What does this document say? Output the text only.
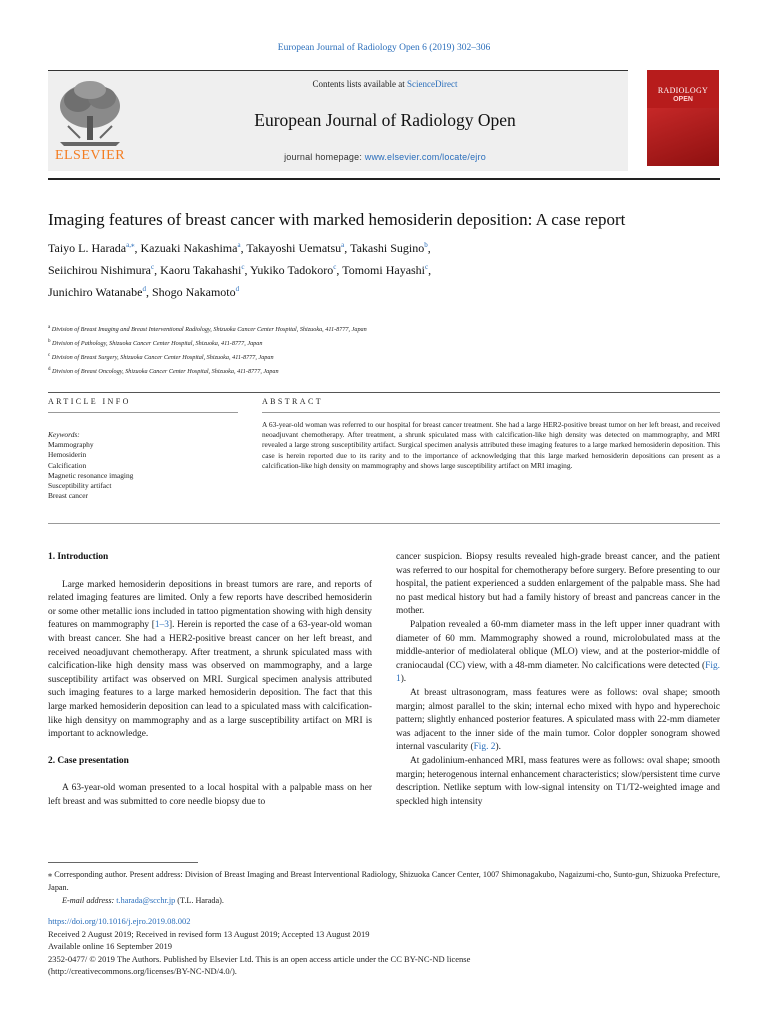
European Journal of Radiology Open 6 (2019) 302–306
ELSEVIER
Contents lists available at ScienceDirect
European Journal of Radiology Open
journal homepage: www.elsevier.com/locate/ejro
RADIOLOGY
OPEN
Imaging features of breast cancer with marked hemosiderin deposition: A case report
Taiyo L. Harada$^{a,⁎}$, Kazuaki Nakashima$^a$, Takayoshi Uematsu$^a$, Takashi Sugino$^b$,
Seiichirou Nishimura$^c$, Kaoru Takahashi$^c$, Yukiko Tadokoro$^c$, Tomomi Hayashi$^c$,
Junichiro Watanabe$^d$, Shogo Nakamoto$^d$
$^a$ Division of Breast Imaging and Breast Interventional Radiology, Shizuoka Cancer Center Hospital, Shizuoka, 411-8777, Japan
$^b$ Division of Pathology, Shizuoka Cancer Center Hospital, Shizuoka, 411-8777, Japan
$^c$ Division of Breast Surgery, Shizuoka Cancer Center Hospital, Shizuoka, 411-8777, Japan
$^d$ Division of Breast Oncology, Shizuoka Cancer Center Hospital, Shizuoka, 411-8777, Japan
ARTICLE INFO	ABSTRACT
Keywords:
Mammography
Hemosiderin
Calcification
Magnetic resonance imaging
Susceptibility artifact
Breast cancer
A 63-year-old woman was referred to our hospital for breast cancer treatment. She had a large HER2-positive breast tumor on her left breast, and received neoadjuvant chemotherapy. After treatment, a shrunk spiculated mass with calcification-like high density was detected on mammography, and MRI revealed a large strong susceptibility artifact. Surgical specimen analysis attributed these imaging features to a large marked hemosiderin deposition. This case is herein reported due to its rarity and to the importance of acknowledging that this large marked hemosiderin depositions can present as a calcification-like high density on mammography and shows large susceptibility artifact on MRI imaging.
1. Introduction

Large marked hemosiderin depositions in breast tumors are rare, and reports of related imaging features are limited. Only a few reports have described hemosiderin or some other metallic ions included in tattoo pigmentation showing with high density features on mammography [1–3]. Herein is reported the case of a 63-year-old woman with breast cancer. She had a HER2-positive breast cancer on her left breast, and received neoadjuvant chemotherapy. After treatment, a shrunk spiculated mass with calcification-like high density mass was observed on mammography, and a large susceptibility artifact was observed on MRI. Surgical specimen analysis attributed such imaging features to a large marked hemosiderin deposition. The fact that this large marked hemosiderin deposition can lead to a spiculated mass with calcification-like high densityy on mammography and as a large susceptibility artifact on MRI is important to acknowledge.

2. Case presentation

A 63-year-old woman presented to a local hospital with a palpable mass on her left breast and was submitted to core needle biopsy due to

cancer suspicion. Biopsy results revealed high-grade breast cancer, and the patient was referred to our hospital for chemotherapy before surgery. Before presenting to our hospital, the patient experienced a sudden enlargement of the palpable mass. She had no past medical history but had a family history of breast and pancreas cancer in the mother.

Palpation revealed a 60-mm diameter mass in the left upper inner quadrant with diameter of 60 mm. Mammography showed a round, microlobulated mass at the middle-anterior of mediolateral oblique (MLO) view, and at the posterior-middle of craniocaudal (CC) view, with a 48-mm diameter. No calcifications were detected (Fig. 1).

At breast ultrasonogram, mass features were as follows: oval shape; smooth margin; almost parallel to the skin; internal echo mixed with hypo and hyperechoic pattern; slightly enhanced posterior features. A spiculated mass with 22-mm diameter was adjacent to the inner side of the main tumor. Color doppler sonogram showed internal vascularity (Fig. 2).

At gadolinium-enhanced MRI, mass features were as follows: oval shape; smooth margin; heterogenous internal enhancement characteristics; slow/persistent time curve description. Netlike septum with low-signal intensity on T1/T2-weighted image and speckled high intensity

⁎ Corresponding author. Present address: Division of Breast Imaging and Breast Interventional Radiology, Shizuoka Cancer Center, 1007 Shimonagakubo, Nagaizumi-cho, Sunto-gun, Shizuoka Prefecture, Japan.
E-mail address: t.harada@scchr.jp (T.L. Harada).
https://doi.org/10.1016/j.ejro.2019.08.002
Received 2 August 2019; Received in revised form 13 August 2019; Accepted 13 August 2019
Available online 16 September 2019
2352-0477/ © 2019 The Authors. Published by Elsevier Ltd. This is an open access article under the CC BY-NC-ND license
(http://creativecommons.org/licenses/BY-NC-ND/4.0/).
